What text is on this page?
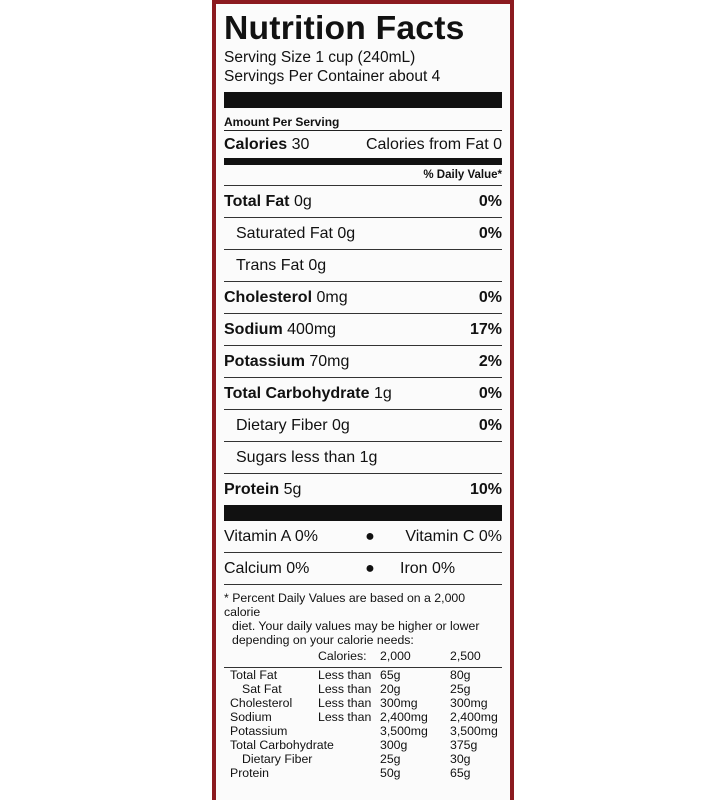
Nutrition Facts
Serving Size 1 cup (240mL)
Servings Per Container about 4
Amount Per Serving
Calories 30	Calories from Fat 0
% Daily Value*
Total Fat 0g	0%
Saturated Fat 0g	0%
Trans Fat 0g
Cholesterol 0mg	0%
Sodium 400mg	17%
Potassium 70mg	2%
Total Carbohydrate 1g	0%
Dietary Fiber 0g	0%
Sugars less than 1g
Protein 5g	10%
Vitamin A 0%	●	Vitamin C 0%
Calcium 0%	●	Iron 0%

* Percent Daily Values are based on a 2,000 calorie

diet. Your daily values may be higher or lower

depending on your calorie needs:

	Calories:	2,000	2,500

Total Fat	Less than	65g	80g
Sat Fat	Less than	20g	25g
Cholesterol	Less than	300mg	300mg
Sodium	Less than	2,400mg	2,400mg
Potassium		3,500mg	3,500mg
Total Carbohydrate		300g	375g
Dietary Fiber		25g	30g
Protein		50g	65g
